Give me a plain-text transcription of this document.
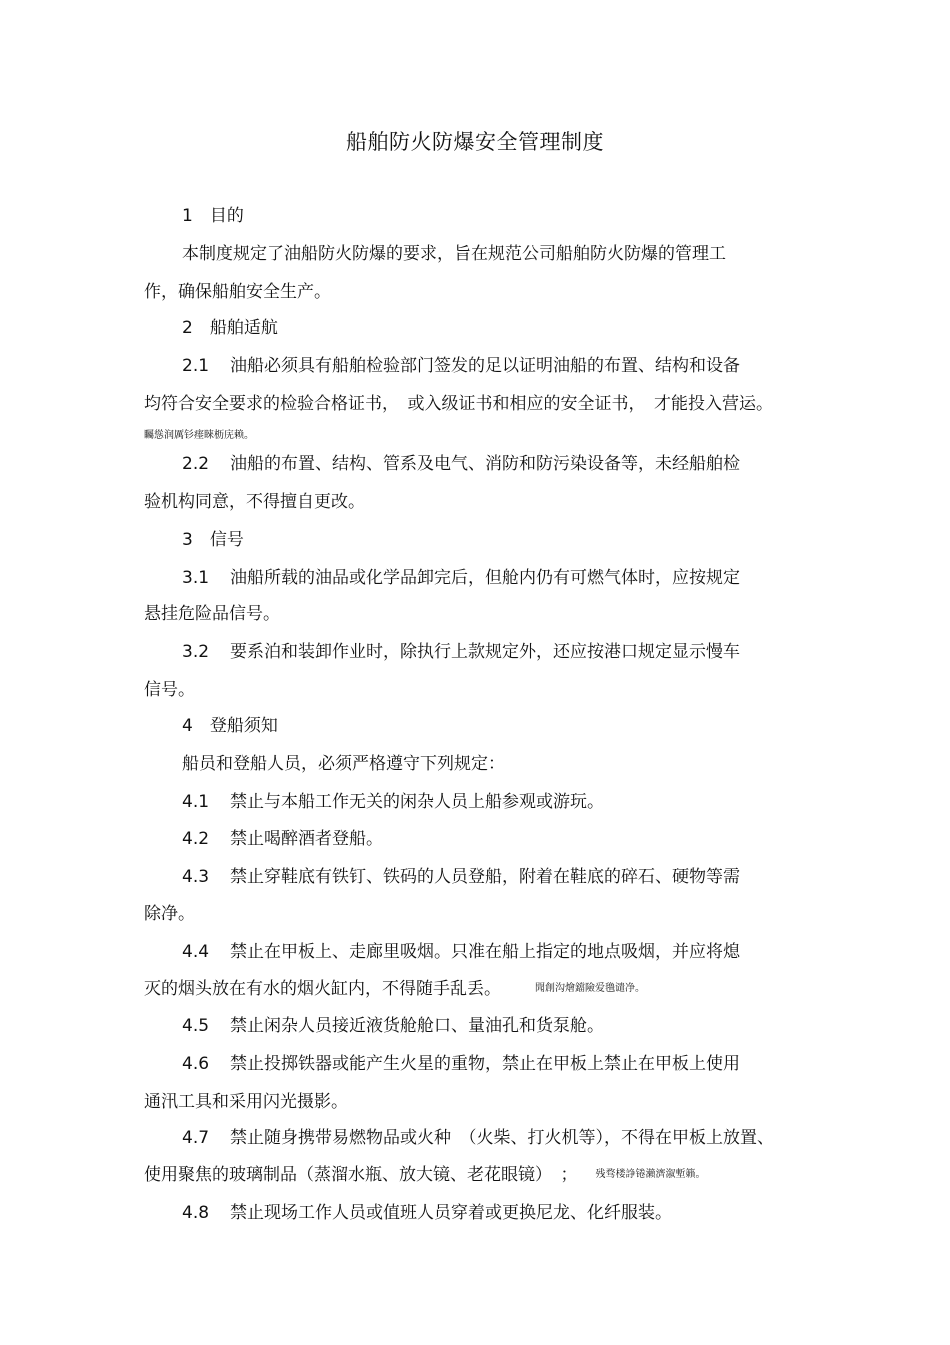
船舶防火防爆安全管理制度
1　目的
本制度规定了油船防火防爆的要求，旨在规范公司船舶防火防爆的管理工
作，确保船舶安全生产。
2　船舶适航
2.1 油船必须具有船舶检验部门签发的足以证明油船的布置、结构和设备
均符合安全要求的检验合格证书，　或入级证书和相应的安全证书，　才能投入营运。
矚慫润厲钐瘗睞枥庑赖。
2.2 油船的布置、结构、管系及电气、消防和防污染设备等，未经船舶检
验机构同意，不得擅自更改。
3　信号
3.1 油船所载的油品或化学品卸完后，但舱内仍有可燃气体时，应按规定
悬挂危险品信号。
3.2 要系泊和装卸作业时，除执行上款规定外，还应按港口规定显示慢车
信号。
4　登船须知
船员和登船人员，必须严格遵守下列规定：
4.1 禁止与本船工作无关的闲杂人员上船参观或游玩。
4.2 禁止喝醉酒者登船。
4.3 禁止穿鞋底有铁钉、铁码的人员登船，附着在鞋底的碎石、硬物等需
除净。
4.4 禁止在甲板上、走廊里吸烟。只准在船上指定的地点吸烟，并应将熄
灭的烟头放在有水的烟火缸内，不得随手乱丢。	聞創沟燴鐺險爱氇谴净。
4.5 禁止闲杂人员接近液货舱舱口、量油孔和货泵舱。
4.6 禁止投掷铁器或能产生火星的重物，禁止在甲板上禁止在甲板上使用
通汛工具和采用闪光摄影。
4.7 禁止随身携带易燃物品或火种　（火柴、打火机等），不得在甲板上放置、
使用聚焦的玻璃制品（蒸溜水瓶、放大镜、老花眼镜）　； 残骛楼諍锩瀨濟溆塹籟。
4.8 禁止现场工作人员或值班人员穿着或更换尼龙、化纤服装。
